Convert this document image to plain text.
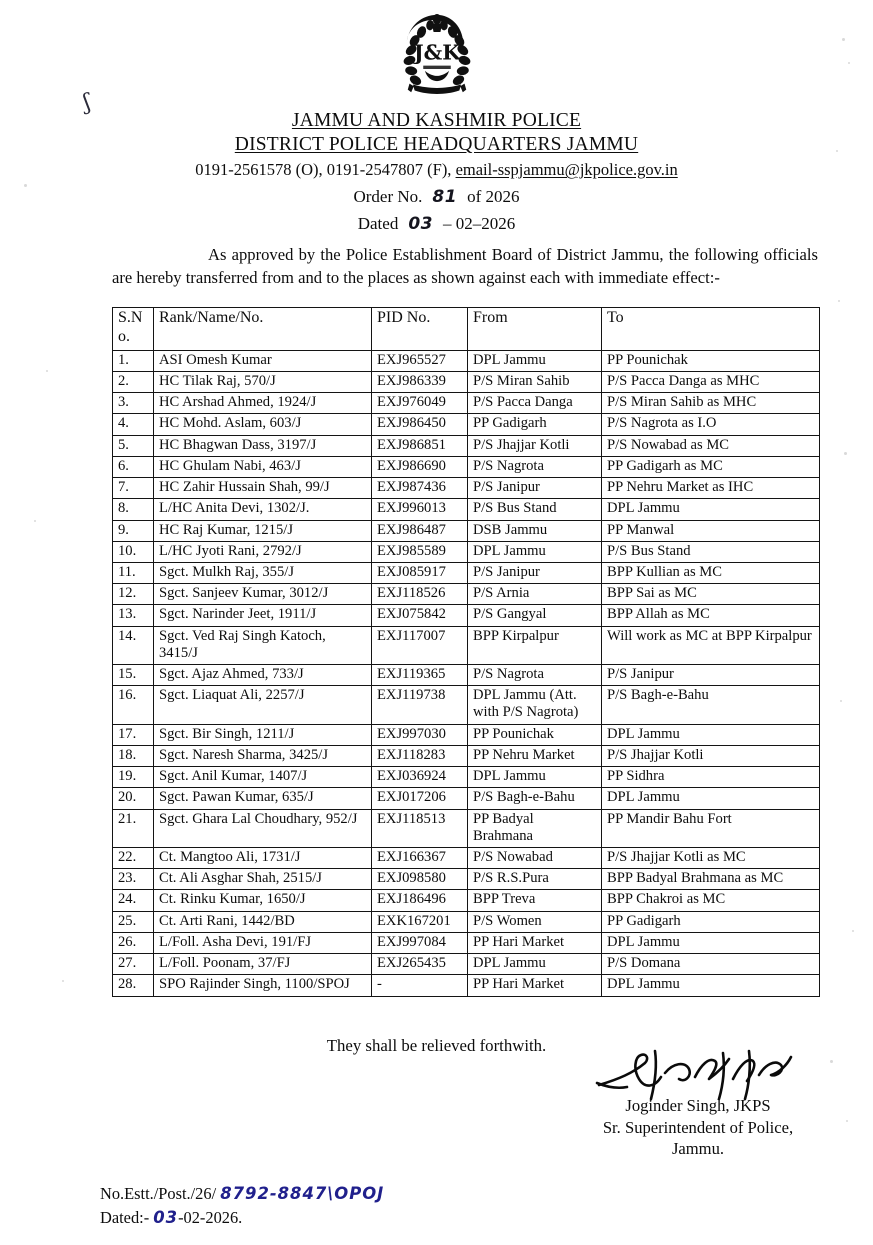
ʃ
J&K
JAMMU AND KASHMIR POLICE
DISTRICT POLICE HEADQUARTERS JAMMU
0191-2561578 (O), 0191-2547807 (F), email-sspjammu@jkpolice.gov.in
Order No. 81 of 2026
Dated 03 – 02–2026
As approved by the Police Establishment Board of District Jammu, the following officials are hereby transferred from and to the places as shown against each with immediate effect:-
S.N o.	Rank/Name/No.	PID No.	From	To
1.	ASI Omesh Kumar	EXJ965527	DPL Jammu	PP Pounichak
2.	HC Tilak Raj, 570/J	EXJ986339	P/S Miran Sahib	P/S Pacca Danga as MHC
3.	HC Arshad Ahmed, 1924/J	EXJ976049	P/S Pacca Danga	P/S Miran Sahib as MHC
4.	HC Mohd. Aslam, 603/J	EXJ986450	PP Gadigarh	P/S Nagrota as I.O
5.	HC Bhagwan Dass, 3197/J	EXJ986851	P/S Jhajjar Kotli	P/S Nowabad as MC
6.	HC Ghulam Nabi, 463/J	EXJ986690	P/S Nagrota	PP Gadigarh as MC
7.	HC Zahir Hussain Shah, 99/J	EXJ987436	P/S Janipur	PP Nehru Market as IHC
8.	L/HC Anita Devi, 1302/J.	EXJ996013	P/S Bus Stand	DPL Jammu
9.	HC Raj Kumar, 1215/J	EXJ986487	DSB Jammu	PP Manwal
10.	L/HC Jyoti Rani, 2792/J	EXJ985589	DPL Jammu	P/S Bus Stand
11.	Sgct. Mulkh Raj, 355/J	EXJ085917	P/S Janipur	BPP Kullian as MC
12.	Sgct. Sanjeev Kumar, 3012/J	EXJ118526	P/S Arnia	BPP Sai as MC
13.	Sgct. Narinder Jeet, 1911/J	EXJ075842	P/S Gangyal	BPP Allah as MC
14.	Sgct. Ved Raj Singh Katoch, 3415/J	EXJ117007	BPP Kirpalpur	Will work as MC at BPP Kirpalpur
15.	Sgct. Ajaz Ahmed, 733/J	EXJ119365	P/S Nagrota	P/S Janipur
16.	Sgct. Liaquat Ali, 2257/J	EXJ119738	DPL Jammu (Att. with P/S Nagrota)	P/S Bagh-e-Bahu
17.	Sgct. Bir Singh, 1211/J	EXJ997030	PP Pounichak	DPL Jammu
18.	Sgct. Naresh Sharma, 3425/J	EXJ118283	PP Nehru Market	P/S Jhajjar Kotli
19.	Sgct. Anil Kumar, 1407/J	EXJ036924	DPL Jammu	PP Sidhra
20.	Sgct. Pawan Kumar, 635/J	EXJ017206	P/S Bagh-e-Bahu	DPL Jammu
21.	Sgct. Ghara Lal Choudhary, 952/J	EXJ118513	PP Badyal Brahmana	PP Mandir Bahu Fort
22.	Ct. Mangtoo Ali, 1731/J	EXJ166367	P/S Nowabad	P/S Jhajjar Kotli as MC
23.	Ct. Ali Asghar Shah, 2515/J	EXJ098580	P/S R.S.Pura	BPP Badyal Brahmana as MC
24.	Ct. Rinku Kumar, 1650/J	EXJ186496	BPP Treva	BPP Chakroi as MC
25.	Ct. Arti Rani, 1442/BD	EXK167201	P/S Women	PP Gadigarh
26.	L/Foll. Asha Devi, 191/FJ	EXJ997084	PP Hari Market	DPL Jammu
27.	L/Foll. Poonam, 37/FJ	EXJ265435	DPL Jammu	P/S Domana
28.	SPO Rajinder Singh, 1100/SPOJ	-	PP Hari Market	DPL Jammu
They shall be relieved forthwith.
Joginder Singh, JKPS
Sr. Superintendent of Police,
Jammu.
No.Estt./Post./26/ 8792-8847\OPOJ
Dated:- 03-02-2026.
